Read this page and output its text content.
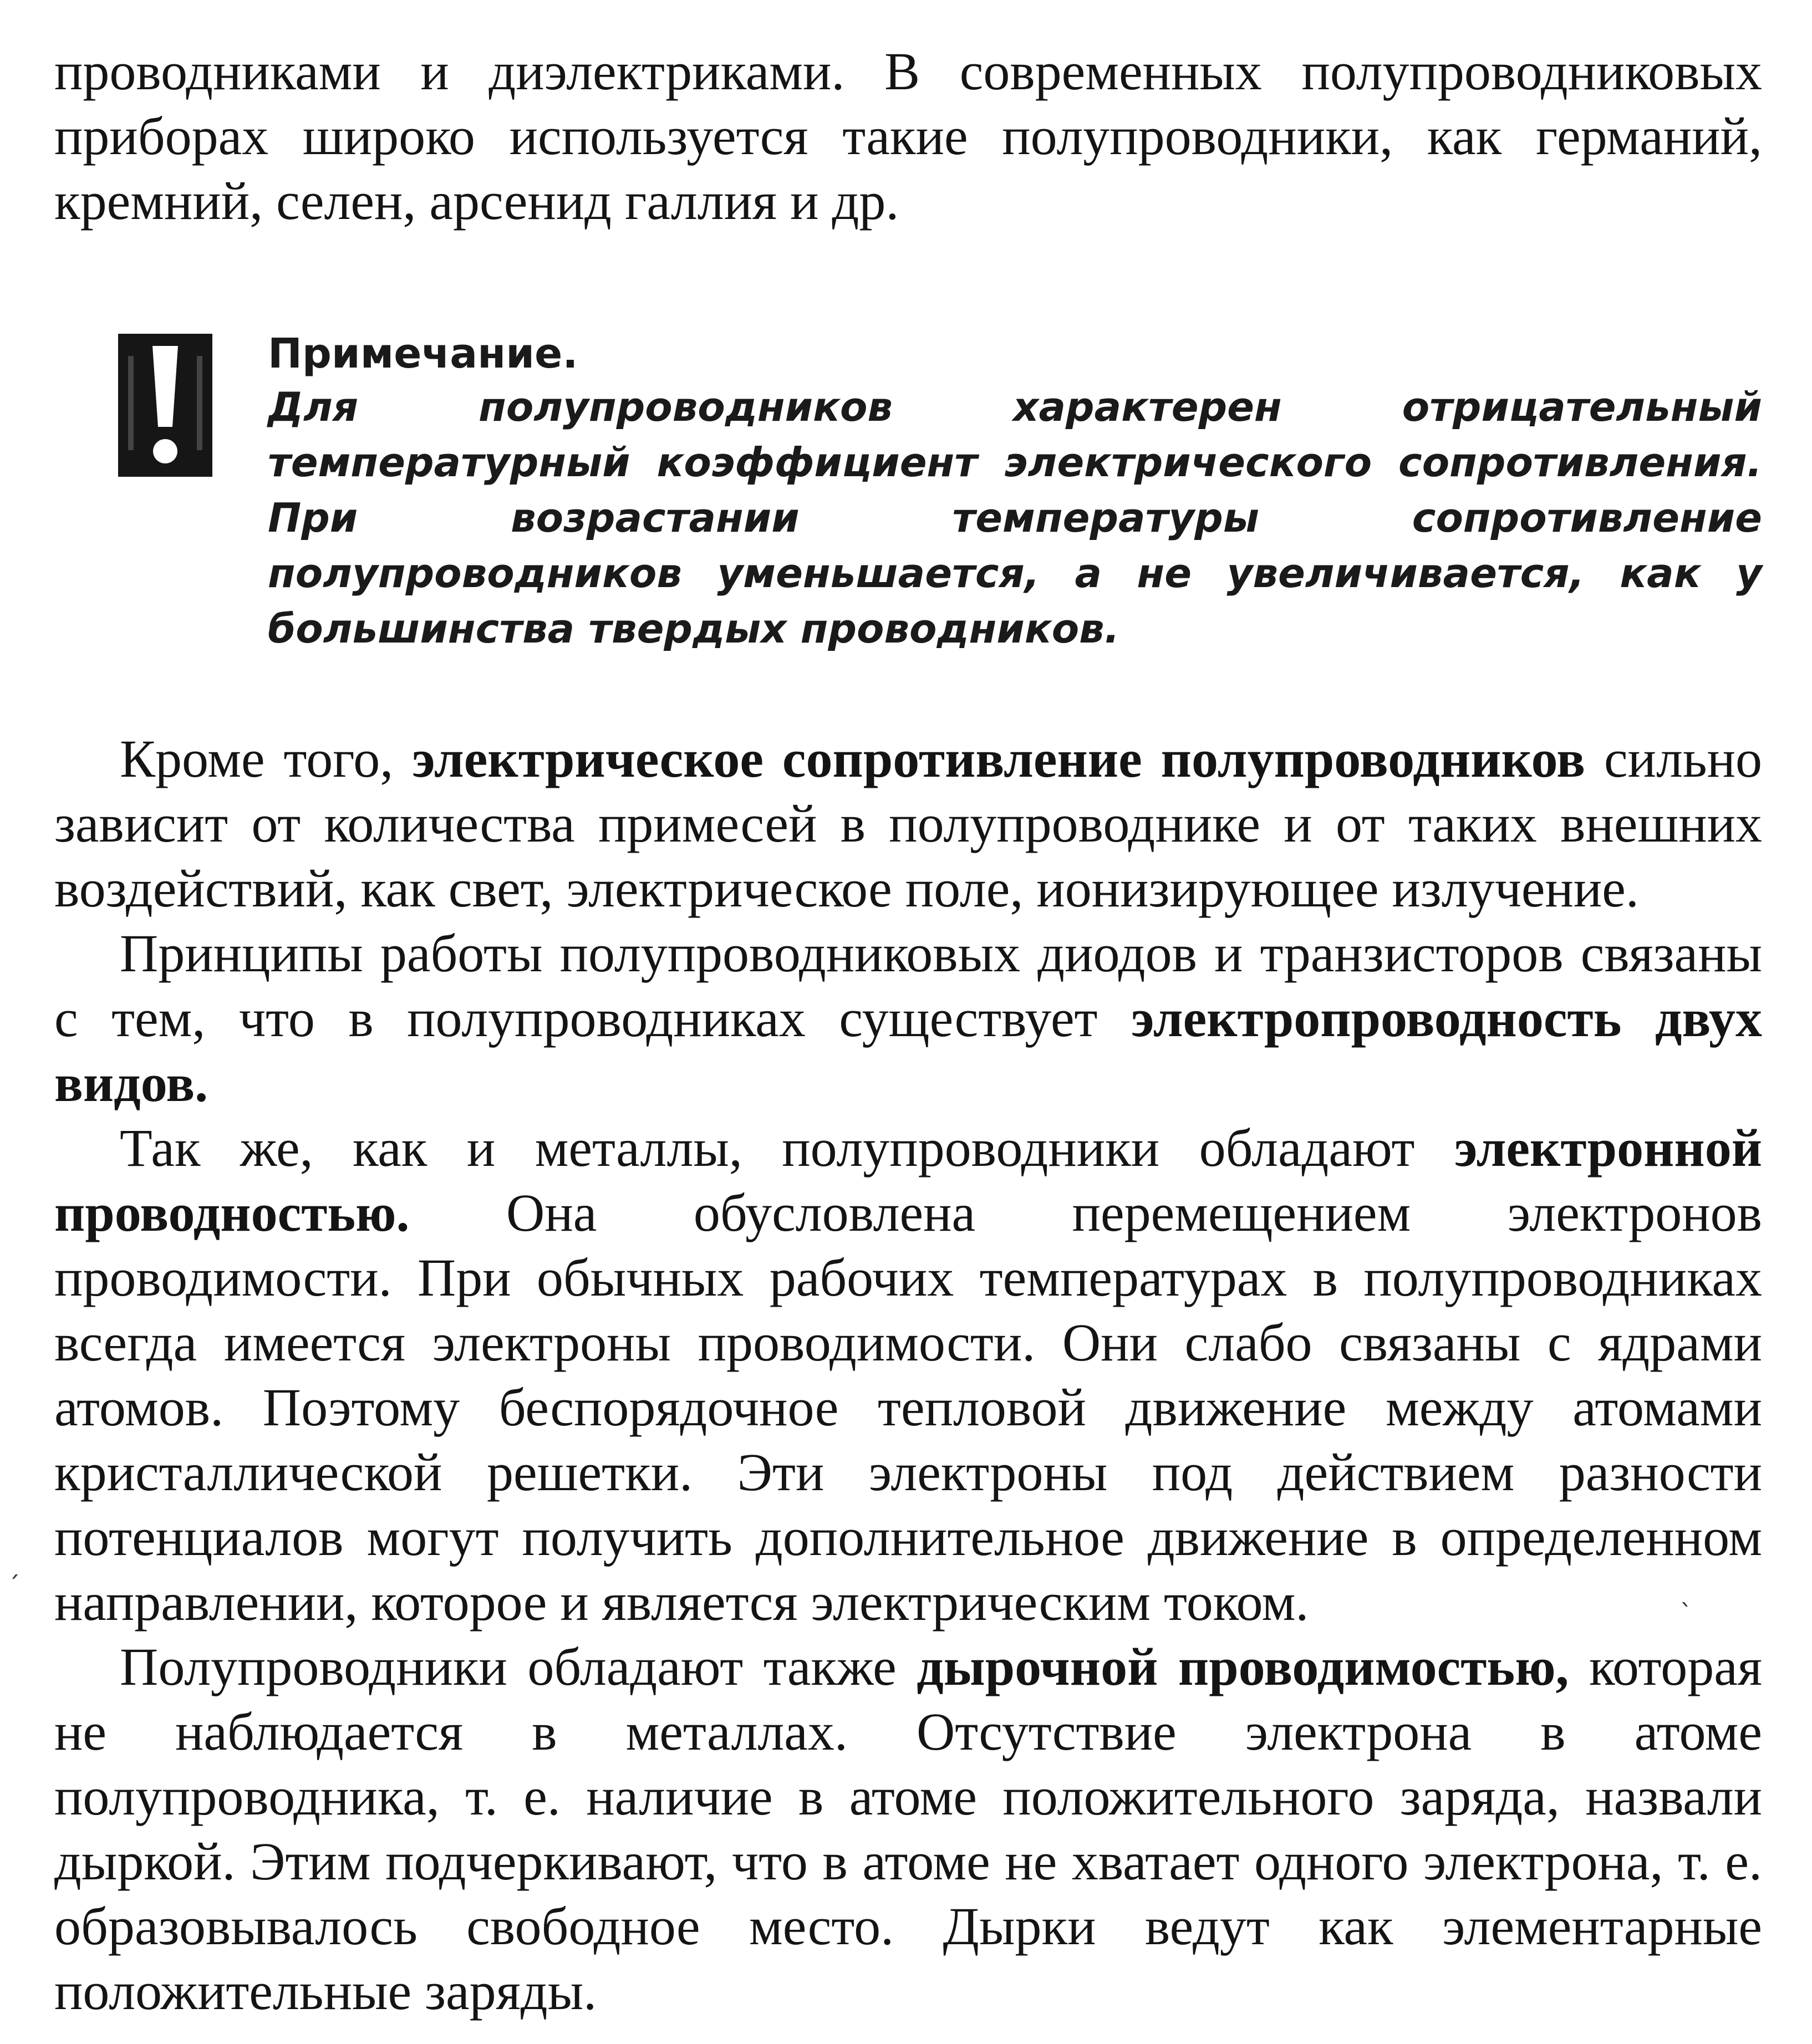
проводниками и диэлектриками. В современных полупроводниковых приборах широко используется такие полупроводники, как германий, кремний, селен, арсенид галлия и др.

Примечание.

Для полупроводников характерен отрицательный температурный коэффициент электрического сопротивления. При возрастании температуры сопротивление полупроводников уменьшается, а не увеличивается, как у большинства твердых проводников.

Кроме того, электрическое сопротивление полупроводников сильно зависит от количества примесей в полупроводнике и от таких внешних воздействий, как свет, электрическое поле, ионизирующее излучение.

Принципы работы полупроводниковых диодов и транзисторов связаны с тем, что в полупроводниках существует электропроводность двух видов.

Так же, как и металлы, полупроводники обладают электронной проводностью. Она обусловлена перемещением электронов проводимости. При обычных рабочих температурах в полупроводниках всегда имеется электроны проводимости. Они слабо связаны с ядрами атомов. Поэтому беспорядочное тепловой движение между атомами кристаллической решетки. Эти электроны под действием разности потенциалов могут получить дополнительное движение в определенном направлении, которое и является электрическим током.

Полупроводники обладают также дырочной проводимостью, которая не наблюдается в металлах. Отсутствие электрона в атоме полупроводника, т. е. наличие в атоме положительного заряда, назвали дыркой. Этим подчеркивают, что в атоме не хватает одного электрона, т. е. образовывалось свободное место. Дырки ведут как элементарные положительные заряды.

ˊ
ˋ
